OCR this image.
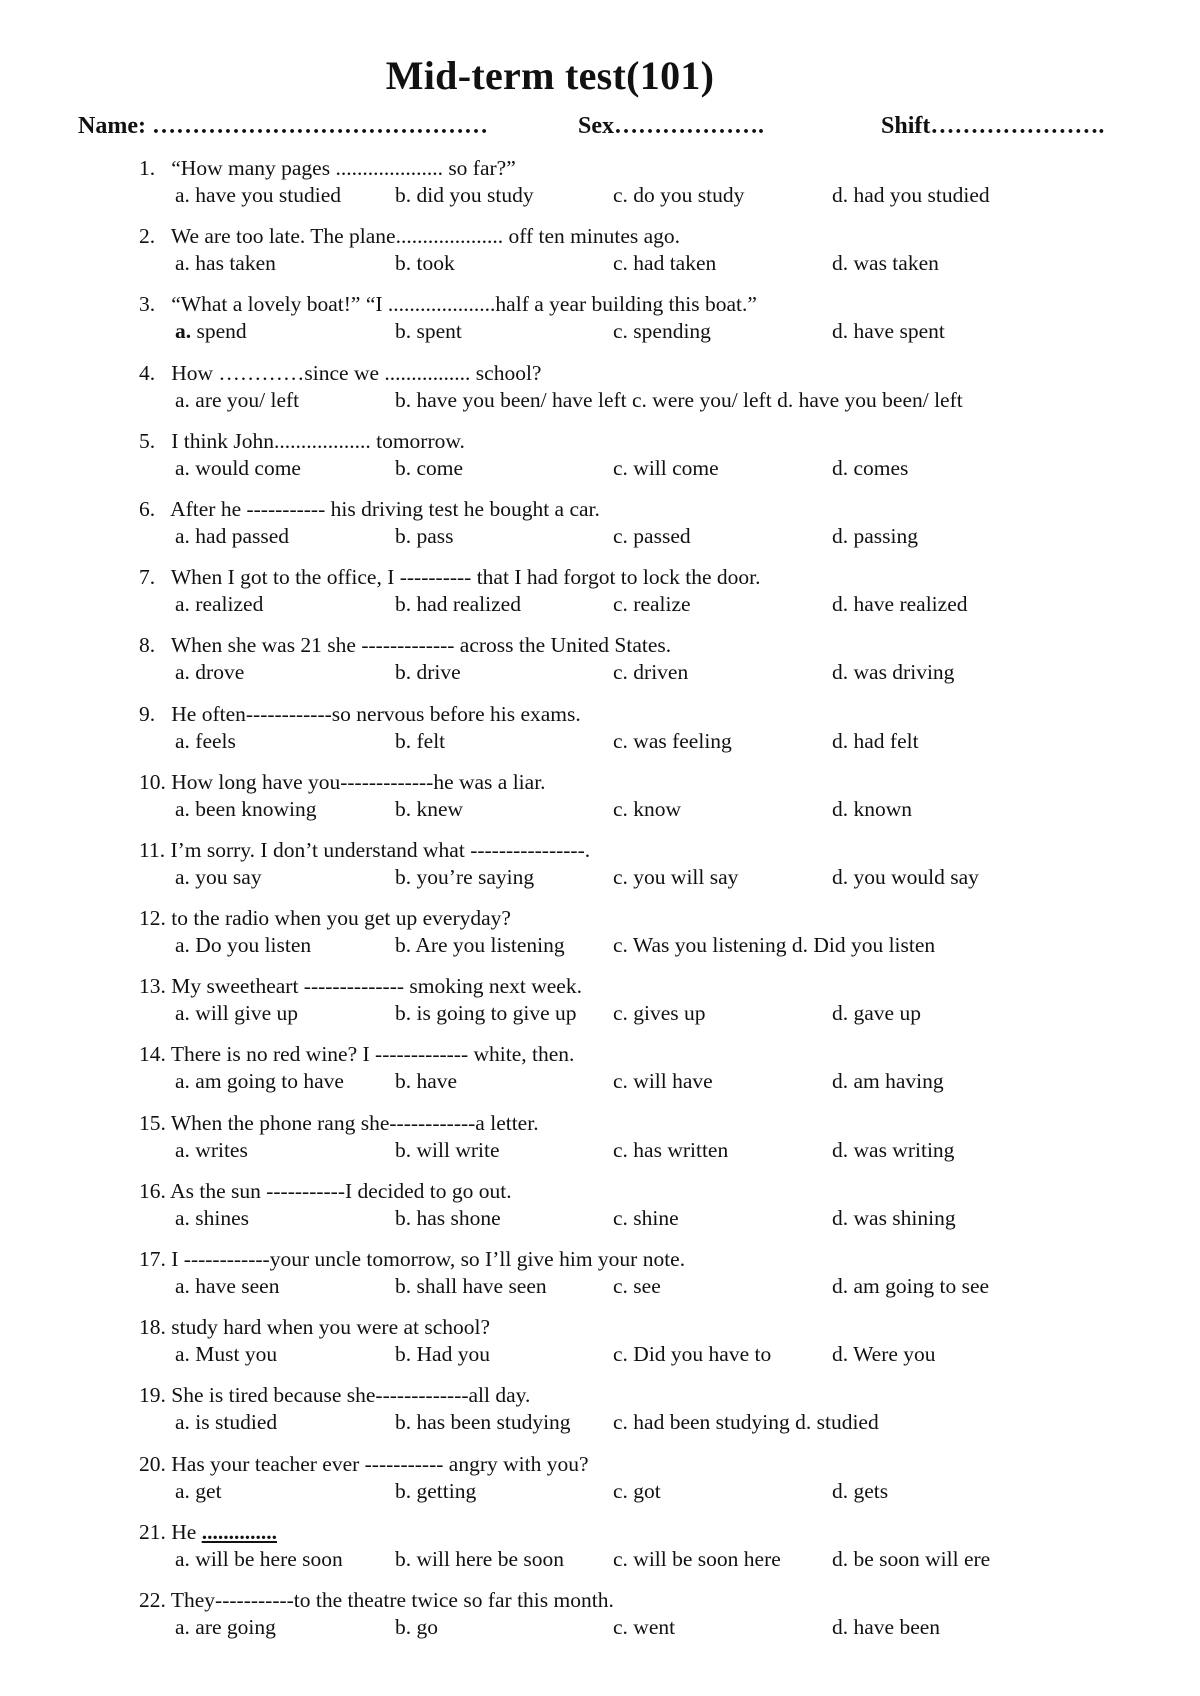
Mid-term test(101)
Name: ……………………………………	Sex……………….	Shift………………….
1. “How many pages .................... so far?”
a. have you studied	b. did you study	c. do you study	d. had you studied
2. We are too late. The plane.................... off ten minutes ago.
a. has taken	b. took	c. had taken	d. was taken
3. “What a lovely boat!” “I ....................half a year building this boat.”
a. spend	b. spent	c. spending	d. have spent
4. How …………since we ................ school?
a. are you/ left	b. have you been/ have left c. were you/ left d. have you been/ left
5. I think John.................. tomorrow.
a. would come	b. come	c. will come	d. comes
6. After he ----------- his driving test he bought a car.
a. had passed	b. pass	c. passed	d. passing
7. When I got to the office, I ---------- that I had forgot to lock the door.
a. realized	b. had realized	c. realize	d. have realized
8. When she was 21 she ------------- across the United States.
a. drove	b. drive	c. driven	d. was driving
9. He often------------so nervous before his exams.
a. feels	b. felt	c. was feeling	d. had felt
10. How long have you-------------he was a liar.
a. been knowing	b. knew	c. know	d. known
11. I’m sorry. I don’t understand what ----------------.
a. you say	b. you’re saying	c. you will say	d. you would say
12. to the radio when you get up everyday?
a. Do you listen	b. Are you listening c. Was you listening d. Did you listen
13. My sweetheart -------------- smoking next week.
a. will give up	b. is going to give up c. gives up	d. gave up
14. There is no red wine? I ------------- white, then.
a. am going to have b. have	c. will have	d. am having
15. When the phone rang she------------a letter.
a. writes	b. will write	c. has written	d. was writing
16. As the sun -----------I decided to go out.
a. shines	b. has shone	c. shine	d. was shining
17. I ------------your uncle tomorrow, so I’ll give him your note.
a. have seen	b. shall have seen	c. see	d. am going to see
18. study hard when you were at school?
a. Must you	b. Had you	c. Did you have to	d. Were you
19. She is tired because she-------------all day.
a. is studied	b. has been studying c. had been studying d. studied
20. Has your teacher ever ----------- angry with you?
a. get	b. getting	c. got	d. gets
21. He ..............
a. will be here soon b. will here be soon c. will be soon here d. be soon will ere
22. They-----------to the theatre twice so far this month.
a. are going	b. go	c. went	d. have been
